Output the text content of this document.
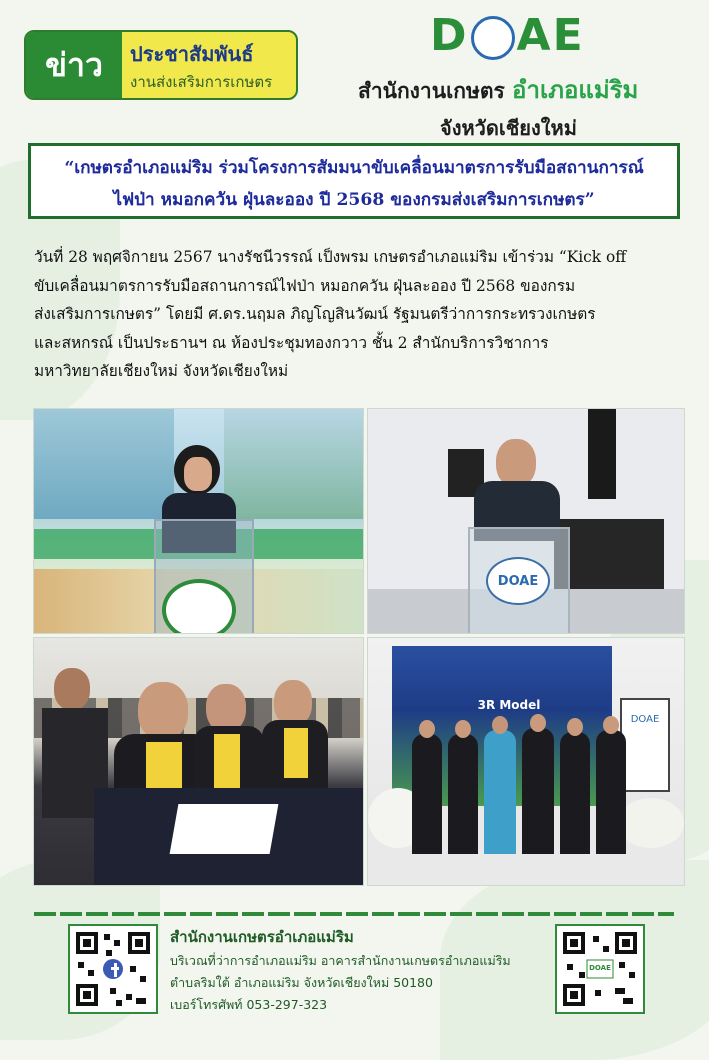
ข่าว	ประชาสัมพันธ์
งานส่งเสริมการเกษตร
D AE
สำนักงานเกษตร อำเภอแม่ริม
จังหวัดเชียงใหม่

“เกษตรอำเภอแม่ริม ร่วมโครงการสัมมนาขับเคลื่อนมาตรการรับมือสถานการณ์

ไฟป่า หมอกควัน ฝุ่นละออง ปี 2568 ของกรมส่งเสริมการเกษตร”

วันที่ 28 พฤศจิกายน 2567 นางรัชนีวรรณ์ เป็งพรม เกษตรอำเภอแม่ริม เข้าร่วม “Kick off
ขับเคลื่อนมาตรการรับมือสถานการณ์ไฟป่า หมอกควัน ฝุ่นละออง ปี 2568 ของกรม
ส่งเสริมการเกษตร” โดยมี ศ.ดร.นฤมล ภิญโญสินวัฒน์ รัฐมนตรีว่าการกระทรวงเกษตร
และสหกรณ์ เป็นประธานฯ ณ ห้องประชุมทองกวาว ชั้น 2 สำนักบริการวิชาการ
มหาวิทยาลัยเชียงใหม่ จังหวัดเชียงใหม่
DOAE
3R Model
DOAE
สำนักงานเกษตรอำเภอแม่ริม
บริเวณที่ว่าการอำเภอแม่ริม อาคารสำนักงานเกษตรอำเภอแม่ริม
ตำบลริมใต้ อำเภอแม่ริม จังหวัดเชียงใหม่ 50180
เบอร์โทรศัพท์ 053-297-323
DOAE
